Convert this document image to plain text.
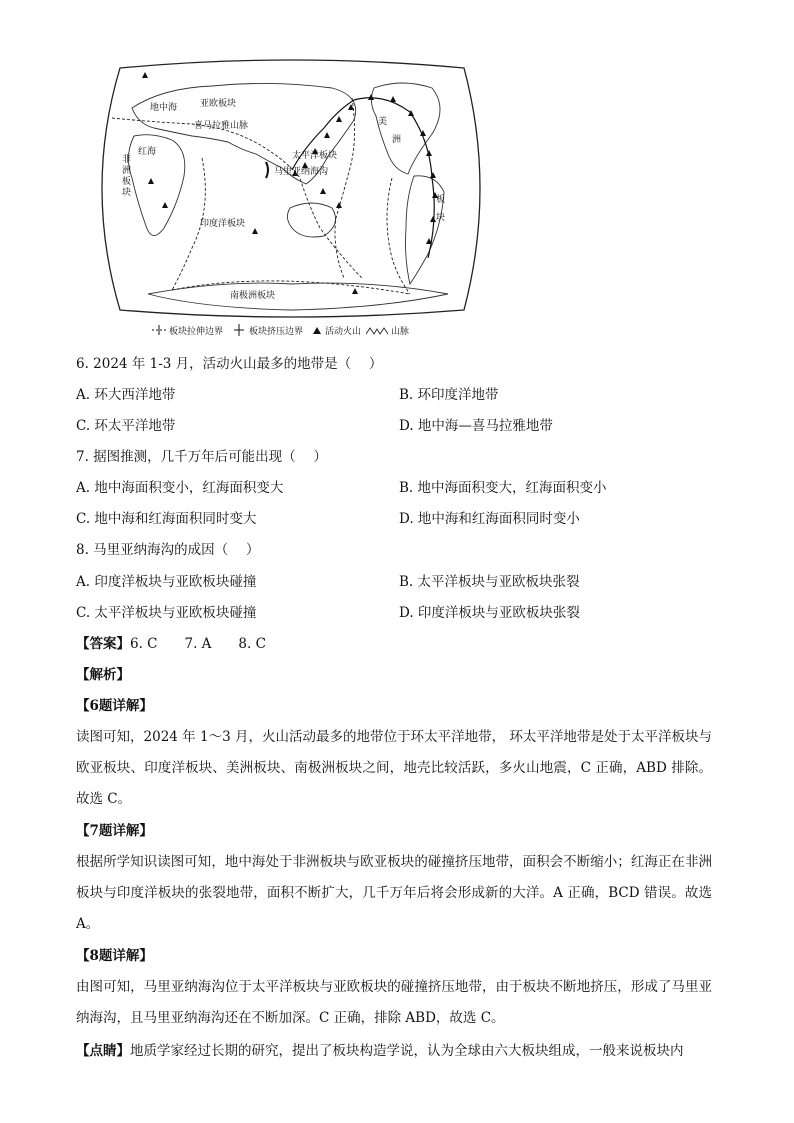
地中海	亚欧板块
喜马拉雅山脉
红海
非洲板块
太平洋板块
马里亚纳海沟
印度洋板块
美
洲
板
块
南极洲板块
板块拉伸边界	板块挤压边界 活动火山	山脉
6. 2024 年 1-3 月，活动火山最多的地带是（　 ）
A. 环大西洋地带	B. 环印度洋地带
C. 环太平洋地带	D. 地中海—喜马拉雅地带
7. 据图推测，几千万年后可能出现（　 ）
A. 地中海面积变小，红海面积变大	B. 地中海面积变大，红海面积变小
C. 地中海和红海面积同时变大	D. 地中海和红海面积同时变小
8. 马里亚纳海沟的成因（　 ）
A. 印度洋板块与亚欧板块碰撞	B. 太平洋板块与亚欧板块张裂
C. 太平洋板块与亚欧板块碰撞	D. 印度洋板块与亚欧板块张裂
【答案】6. C　　7. A　　8. C
【解析】
【6题详解】
读图可知，2024 年 1～3 月，火山活动最多的地带位于环太平洋地带， 环太平洋地带是处于太平洋板块与欧亚板块、印度洋板块、美洲板块、南极洲板块之间，地壳比较活跃，多火山地震，C 正确，ABD 排除。故选 C。
【7题详解】
根据所学知识读图可知，地中海处于非洲板块与欧亚板块的碰撞挤压地带，面积会不断缩小；红海正在非洲板块与印度洋板块的张裂地带，面积不断扩大，几千万年后将会形成新的大洋。A 正确，BCD 错误。故选 A。
【8题详解】
由图可知，马里亚纳海沟位于太平洋板块与亚欧板块的碰撞挤压地带，由于板块不断地挤压，形成了马里亚纳海沟，且马里亚纳海沟还在不断加深。C 正确，排除 ABD，故选 C。
【点睛】地质学家经过长期的研究，提出了板块构造学说，认为全球由六大板块组成，一般来说板块内
